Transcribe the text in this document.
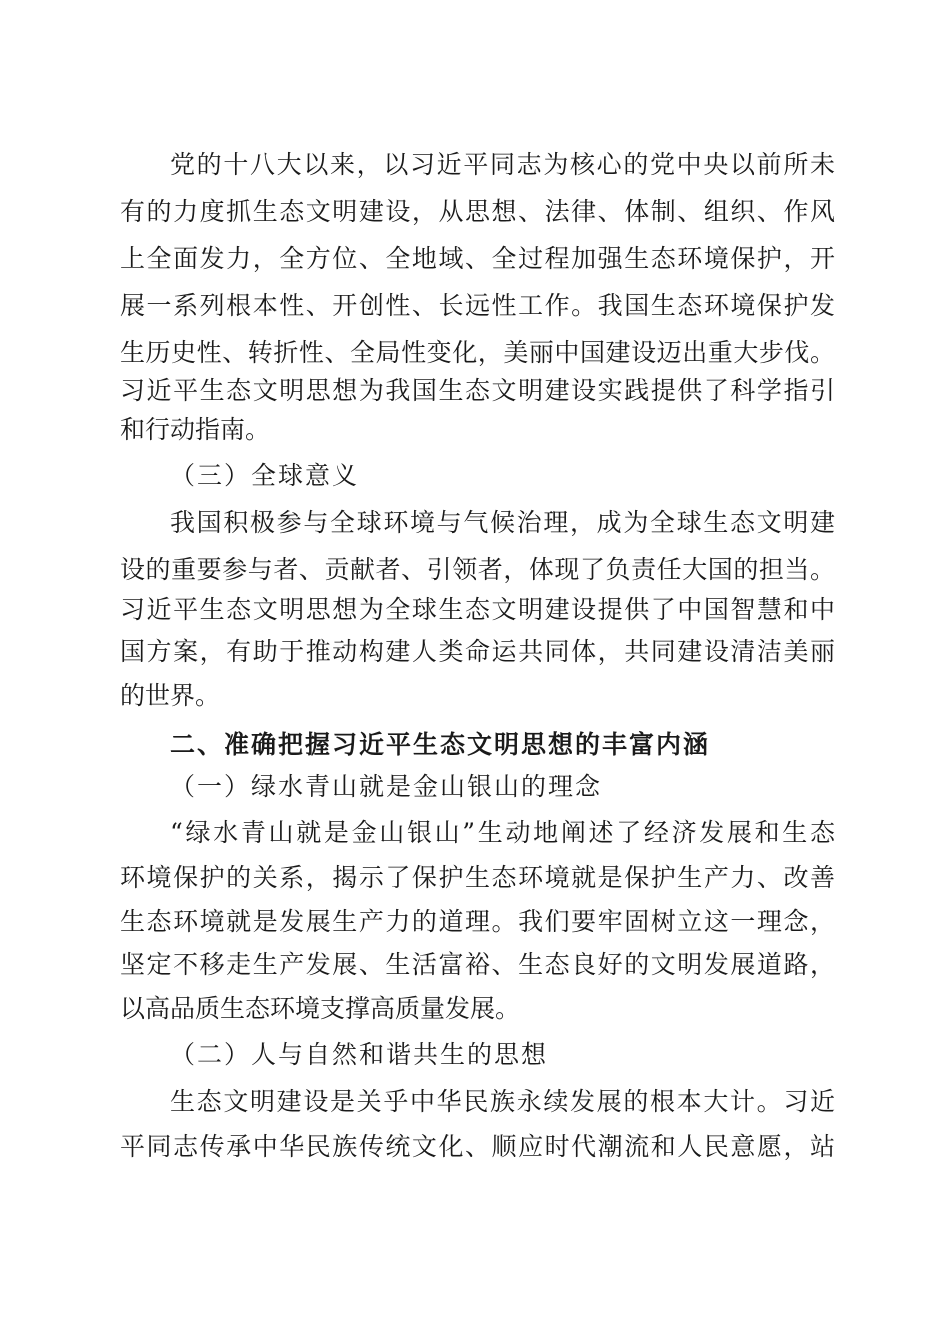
党的十八大以来，以习近平同志为核心的党中央以前所未

有的力度抓生态文明建设，从思想、法律、体制、组织、作风

上全面发力，全方位、全地域、全过程加强生态环境保护，开

展一系列根本性、开创性、长远性工作。我国生态环境保护发

生历史性、转折性、全局性变化，美丽中国建设迈出重大步伐。

习近平生态文明思想为我国生态文明建设实践提供了科学指引

和行动指南。

（三）全球意义

我国积极参与全球环境与气候治理，成为全球生态文明建

设的重要参与者、贡献者、引领者，体现了负责任大国的担当。

习近平生态文明思想为全球生态文明建设提供了中国智慧和中

国方案，有助于推动构建人类命运共同体，共同建设清洁美丽

的世界。

二、准确把握习近平生态文明思想的丰富内涵

（一）绿水青山就是金山银山的理念

“绿水青山就是金山银山”生动地阐述了经济发展和生态

环境保护的关系，揭示了保护生态环境就是保护生产力、改善

生态环境就是发展生产力的道理。我们要牢固树立这一理念，

坚定不移走生产发展、生活富裕、生态良好的文明发展道路，

以高品质生态环境支撑高质量发展。

（二）人与自然和谐共生的思想

生态文明建设是关乎中华民族永续发展的根本大计。习近

平同志传承中华民族传统文化、顺应时代潮流和人民意愿，站
